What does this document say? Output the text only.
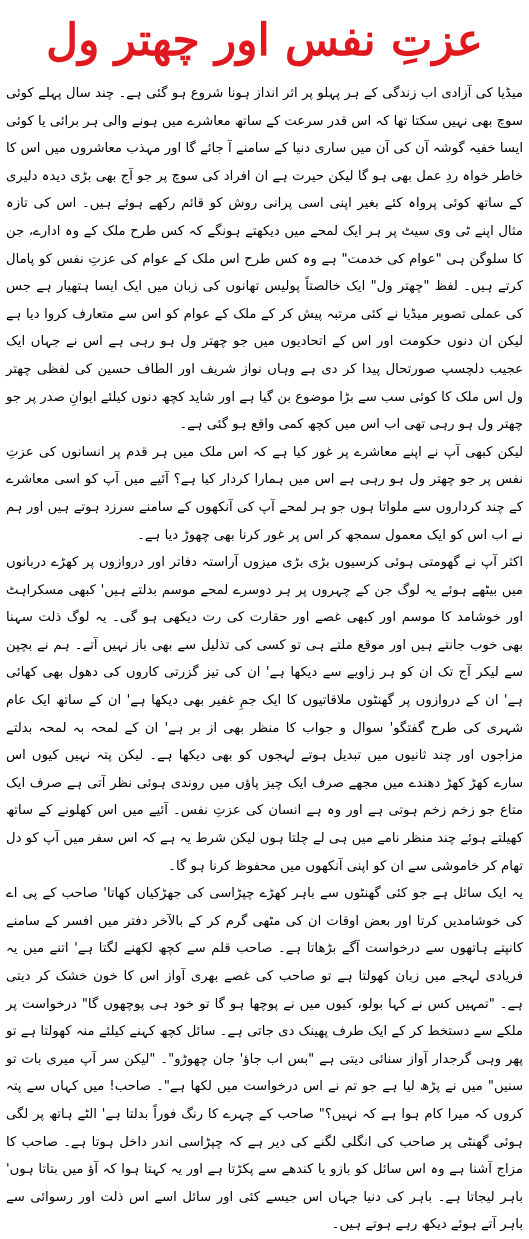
عزتِ نفس اور چھتر ول

میڈیا کی آزادی اب زندگی کے ہر پہلو پر اثر انداز ہونا شروع ہو گئی ہے۔ چند سال پہلے کوئی سوچ بھی نہیں سکتا تھا کہ اس قدر سرعت کے ساتھ معاشرے میں ہونے والی ہر برائی یا کوئی ایسا خفیہ گوشہ آن کی آن میں ساری دنیا کے سامنے آ جائے گا اور مہذب معاشروں میں اس کا خاطر خواہ ردِ عمل بھی ہو گا لیکن حیرت ہے ان افراد کی سوچ پر جو آج بھی بڑی دیدہ دلیری کے ساتھ کوئی پرواہ کئے بغیر اپنی اسی پرانی روش کو قائم رکھے ہوئے ہیں۔ اس کی تازہ مثال اپنے ٹی وی سیٹ پر ہر ایک لمحے میں دیکھتے ہونگے کہ کس طرح ملک کے وہ ادارے، جن کا سلوگن ہی "عوام کی خدمت" ہے وہ کس طرح اس ملک کے عوام کی عزتِ نفس کو پامال کرتے ہیں۔ لفظ "چھتر ول" ایک خالصتاً پولیس تھانوں کی زبان میں ایک ایسا ہتھیار ہے جس کی عملی تصویر میڈیا نے کئی مرتبہ پیش کر کے ملک کے عوام کو اس سے متعارف کروا دیا ہے لیکن ان دنوں حکومت اور اس کے اتحادیوں میں جو چھتر ول ہو رہی ہے اس نے جہاں ایک عجیب دلچسپ صورتحال پیدا کر دی ہے وہاں نواز شریف اور الطاف حسین کی لفظی چھتر ول اس ملک کا کوئی سب سے بڑا موضوع بن گیا ہے اور شاید کچھ دنوں کیلئے ایوانِ صدر پر جو چھتر ول ہو رہی تھی اب اس میں کچھ کمی واقع ہو گئی ہے۔

لیکن کبھی آپ نے اپنے معاشرے پر غور کیا ہے کہ اس ملک میں ہر قدم پر انسانوں کی عزتِ نفس پر جو چھتر ول ہو رہی ہے اس میں ہمارا کردار کیا ہے؟ آئیے میں آپ کو اسی معاشرے کے چند کرداروں سے ملواتا ہوں جو ہر لمحے آپ کی آنکھوں کے سامنے سرزد ہوتے ہیں اور ہم نے اب اس کو ایک معمول سمجھ کر اس پر غور کرنا بھی چھوڑ دیا ہے۔

اکثر آپ نے گھومتی ہوئی کرسیوں بڑی بڑی میزوں آراستہ دفاتر اور دروازوں پر کھڑے دربانوں میں بیٹھے ہوئے یہ لوگ جن کے چہروں پر ہر دوسرے لمحے موسم بدلتے ہیں' کبھی مسکراہٹ اور خوشامد کا موسم اور کبھی غصے اور حقارت کی رت دیکھی ہو گی۔ یہ لوگ ذلت سہنا بھی خوب جانتے ہیں اور موقع ملتے ہی تو کسی کی تذلیل سے بھی باز نہیں آتے۔ ہم نے بچپن سے لیکر آج تک ان کو ہر زاویے سے دیکھا ہے' ان کی تیز گزرتی کاروں کی دھول بھی کھائی ہے' ان کے دروازوں پر گھنٹوں ملاقاتیوں کا ایک جمِ غفیر بھی دیکھا ہے' ان کے ساتھ ایک عام شہری کی طرح گفتگو' سوال و جواب کا منظر بھی از بر ہے' ان کے لمحہ بہ لمحہ بدلتے مزاجوں اور چند ثانیوں میں تبدیل ہوتے لہجوں کو بھی دیکھا ہے۔ لیکن پتہ نہیں کیوں اس سارے کھڑ کھڑ دھندے میں مجھے صرف ایک چیز پاؤں میں روندی ہوئی نظر آتی ہے صرف ایک متاع جو زخم زخم ہوتی ہے اور وہ ہے انسان کی عزتِ نفس۔ آئیے میں اس کھلونے کے ساتھ کھیلتے ہوئے چند منظر نامے میں ہی لے چلتا ہوں لیکن شرط یہ ہے کہ اس سفر میں آپ کو دل تھام کر خاموشی سے ان کو اپنی آنکھوں میں محفوظ کرنا ہو گا۔

یہ ایک سائل ہے جو کئی گھنٹوں سے باہر کھڑے چپڑاسی کی جھڑکیاں کھاتا' صاحب کے پی اے کی خوشامدیں کرتا اور بعض اوقات ان کی مٹھی گرم کر کے بالآخر دفتر میں افسر کے سامنے کانپتے ہاتھوں سے درخواست آگے بڑھاتا ہے۔ صاحب قلم سے کچھ لکھنے لگتا ہے' اتنے میں یہ فریادی لہجے میں زبان کھولتا ہے تو صاحب کی غصے بھری آواز اس کا خون خشک کر دیتی ہے۔ "تمہیں کس نے کہا بولو، کیوں میں نے پوچھا ہو گا تو خود ہی پوچھوں گا" درخواست پر ملکے سے دستخط کر کے ایک طرف پھینک دی جاتی ہے۔ سائل کچھ کہنے کیلئے منہ کھولتا ہے تو پھر وہی گرجدار آواز سنائی دیتی ہے "بس اب جاؤ' جان چھوڑو"۔ "لیکن سر آپ میری بات تو سنیں" میں نے پڑھ لیا ہے جو تم نے اس درخواست میں لکھا ہے"۔ صاحب! میں کہاں سے پتہ کروں کہ میرا کام ہوا ہے کہ نہیں؟" صاحب کے چہرے کا رنگ فوراً بدلتا ہے' الٹے ہاتھ پر لگی ہوئی گھنٹی پر صاحب کی انگلی لگنے کی دیر ہے کہ چپڑاسی اندر داخل ہوتا ہے۔ صاحب کا مزاج آشنا ہے وہ اس سائل کو بازو یا کندھے سے پکڑتا ہے اور یہ کہتا ہوا کہ آؤ میں بتاتا ہوں' باہر لیجاتا ہے۔ باہر کی دنیا جہاں اس جیسے کئی اور سائل اسے اس ذلت اور رسوائی سے باہر آتے ہوئے دیکھ رہے ہوتے ہیں۔
